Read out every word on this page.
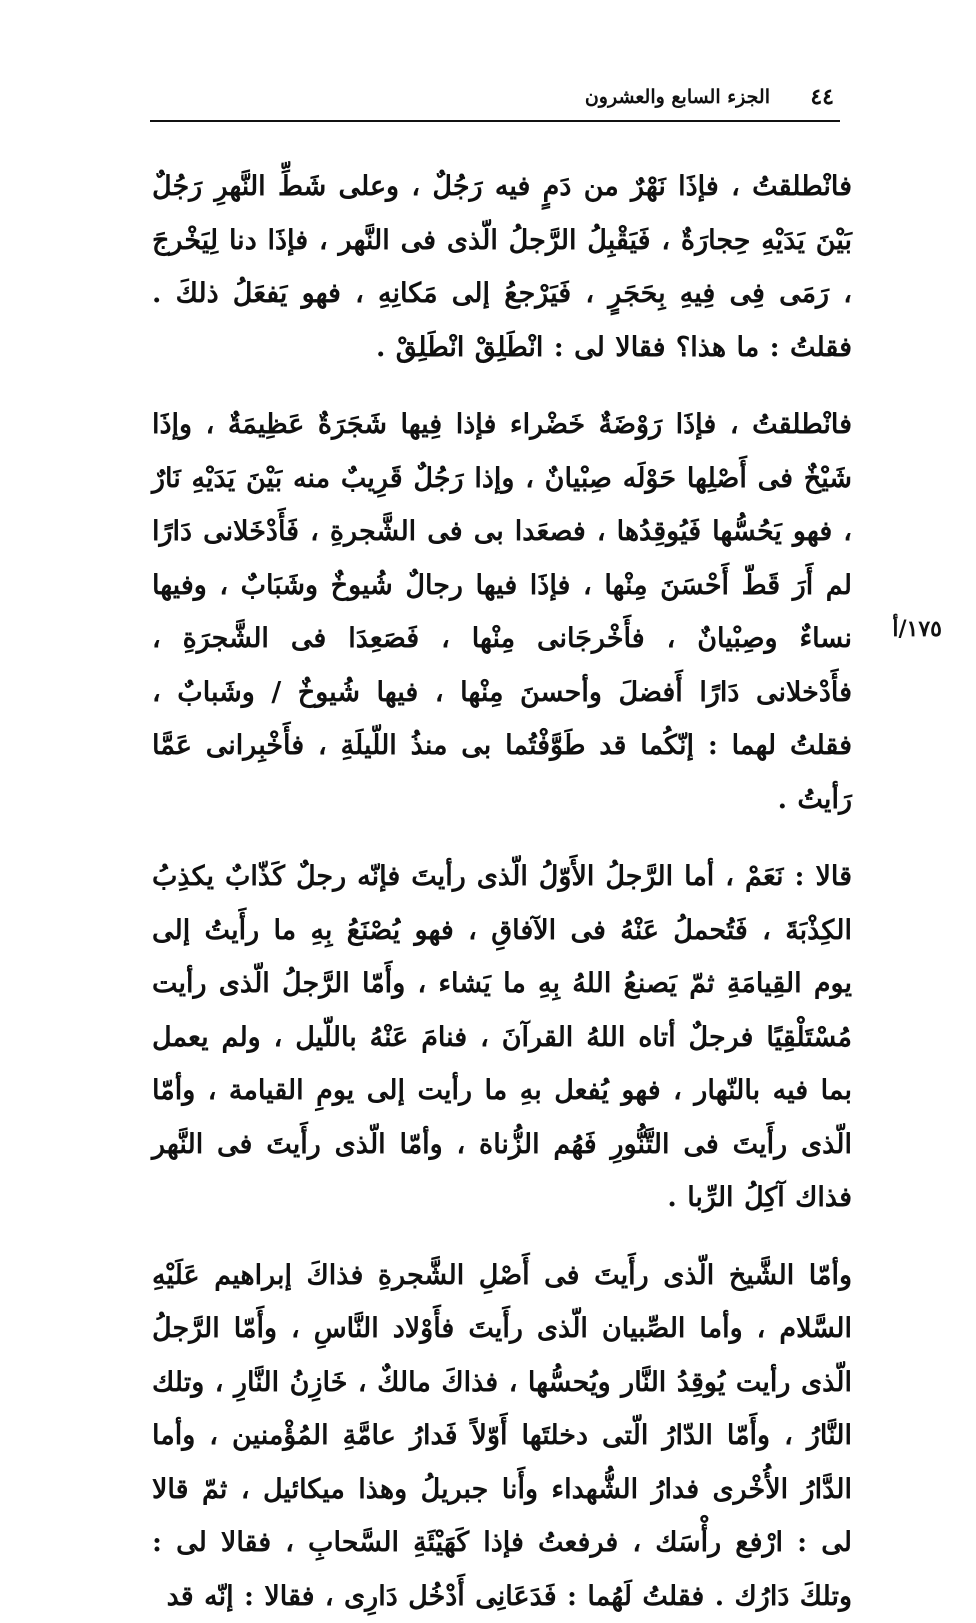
٤٤
الجزء السابع والعشرون

فانْطلقتُ ، فإذَا نَهْرٌ من دَمٍ فيه رَجُلٌ ، وعلى شَطِّ النَّهرِ رَجُلٌ بَيْنَ يَدَيْهِ حِجارَةٌ ، فَيَقْبِلُ الرَّجلُ الّذى فى النَّهر ، فإذَا دنا لِيَخْرجَ ، رَمَى فِى فِيهِ بِحَجَرٍ ، فَيَرْجعُ إلى مَكانِهِ ، فهو يَفعَلُ ذلكَ . فقلتُ : ما هذا؟ فقالا لى : انْطَلِقْ انْطَلِقْ .

فانْطلقتُ ، فإذَا رَوْضَةٌ خَضْراء فإذا فِيها شَجَرَةٌ عَظِيمَةٌ ، وإذَا شَيْخٌ فى أَصْلِها حَوْلَه صِبْيانٌ ، وإذا رَجُلٌ قَرِيبٌ منه بَيْنَ يَدَيْهِ نَارٌ ، فهو يَحُسُّها فَيُوقِدُها ، فصعَدا بى فى الشَّجرةِ ، فَأَدْخَلانى دَارًا لم أَرَ قَطّ أَحْسَنَ مِنْها ، فإذَا فيها رجالٌ شُيوخٌ وشَبَابٌ ، وفيها نساءٌ وصِبْيانٌ ، فأَخْرجَانى مِنْها ، فَصَعِدَا فى الشَّجرَةِ ، فأَدْخلانى دَارًا أَفضلَ وأحسنَ مِنْها ، فيها شُيوخٌ / وشَبابٌ ، فقلتُ لهما : إنّكُما قد طَوَّفْتُما بى منذُ اللّيلَةِ ، فأَخْبِرانى عَمَّا رَأيتُ .

قالا : نَعَمْ ، أما الرَّجلُ الأَوّلُ الّذى رأيتَ فإنّه رجلٌ كَذّابٌ يكذِبُ الكِذْبَةَ ، فَتُحملُ عَنْهُ فى الآفاقِ ، فهو يُصْنَعُ بِهِ ما رأَيتُ إلى يوم القِيامَةِ ثمّ يَصنعُ اللهُ بِهِ ما يَشاء ، وأَمّا الرَّجلُ الّذى رأيت مُسْتَلْقِيًا فرجلٌ أتاه اللهُ القرآنَ ، فنامَ عَنْهُ باللّيل ، ولم يعمل بما فيه بالنّهار ، فهو يُفعل بهِ ما رأيت إلى يومِ القيامة ، وأمّا الّذى رأَيتَ فى التَّنُّورِ فَهُم الزُّناة ، وأمّا الّذى رأَيتَ فى النَّهر فذاك آكِلُ الرِّبا .

وأمّا الشَّيخ الّذى رأَيتَ فى أَصْلِ الشَّجرةِ فذاكَ إبراهيم عَلَيْهِ السَّلام ، وأما الصِّبيان الّذى رأَيتَ فأَوْلاد النَّاسِ ، وأَمّا الرَّجلُ الّذى رأيت يُوقِدُ النَّار ويُحسُّها ، فذاكَ مالكٌ ، خَازِنُ النَّارِ ، وتلك النَّارُ ، وأَمّا الدّارُ الّتى دخلتَها أَوّلاً فَدارُ عامَّةِ المُؤْمنين ، وأما الدَّارُ الأُخْرى فدارُ الشُّهداء وأَنا جبريلُ وهذا ميكائيل ، ثمّ قالا لى : ارْفع رأْسَك ، فرفعتُ فإذا كَهَيْئَةِ السَّحابِ ، فقالا لى : وتلكَ دَارُك . فقلتُ لَهُما : فَدَعَانِى أَدْخُل دَارِى ، فقالا : إنّه قد

١٧٥/أ
